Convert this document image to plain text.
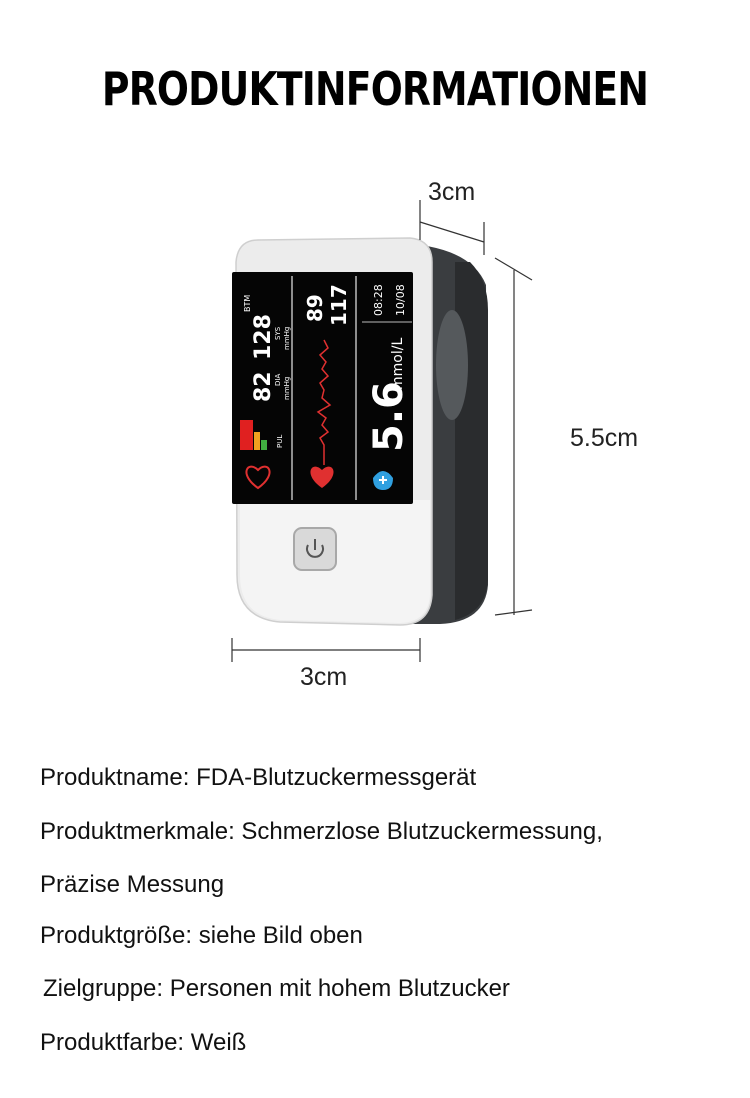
PRODUKTINFORMATIONEN
BTM
128
SYS mmHg
82
DIA mmHg
PUL
89 117 08:28 10/08
5.6
mmol/L
3cm
5.5cm
3cm
Produktname: FDA-Blutzuckermessgerät
Produktmerkmale: Schmerzlose Blutzuckermessung,
Präzise Messung
Produktgröße: siehe Bild oben
Zielgruppe: Personen mit hohem Blutzucker
Produktfarbe: Weiß
